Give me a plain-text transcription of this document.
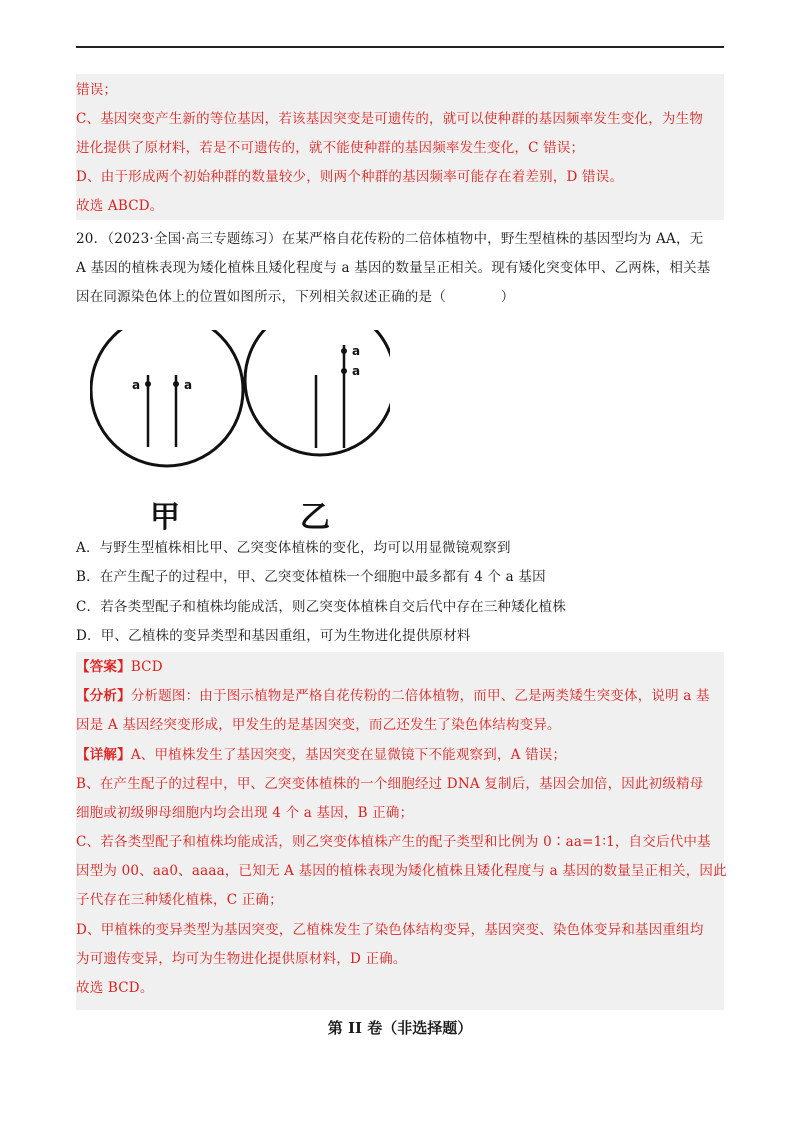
错误；
C、基因突变产生新的等位基因，若该基因突变是可遗传的，就可以使种群的基因频率发生变化，为生物
进化提供了原材料，若是不可遗传的，就不能使种群的基因频率发生变化，C 错误；
D、由于形成两个初始种群的数量较少，则两个种群的基因频率可能存在着差别，D 错误。
故选 ABCD。
20．（2023·全国·高三专题练习）在某严格自花传粉的二倍体植物中，野生型植株的基因型均为 AA，无
A 基因的植株表现为矮化植株且矮化程度与 a 基因的数量呈正相关。现有矮化突变体甲、乙两株，相关基
因在同源染色体上的位置如图所示，下列相关叙述正确的是（　　　　）
a	a
a
a
甲	乙
A．与野生型植株相比甲、乙突变体植株的变化，均可以用显微镜观察到
B．在产生配子的过程中，甲、乙突变体植株一个细胞中最多都有 4 个 a 基因
C．若各类型配子和植株均能成活，则乙突变体植株自交后代中存在三种矮化植株
D．甲、乙植株的变异类型和基因重组，可为生物进化提供原材料
【答案】BCD
【分析】分析题图：由于图示植物是严格自花传粉的二倍体植物，而甲、乙是两类矮生突变体，说明 a 基
因是 A 基因经突变形成，甲发生的是基因突变，而乙还发生了染色体结构变异。
【详解】A、甲植株发生了基因突变，基因突变在显微镜下不能观察到，A 错误；
B、在产生配子的过程中，甲、乙突变体植株的一个细胞经过 DNA 复制后，基因会加倍，因此初级精母
细胞或初级卵母细胞内均会出现 4 个 a 基因，B 正确；
C、若各类型配子和植株均能成活，则乙突变体植株产生的配子类型和比例为 0∶aa=1∶1，自交后代中基
因型为 00、aa0、aaaa，已知无 A 基因的植株表现为矮化植株且矮化程度与 a 基因的数量呈正相关，因此
子代存在三种矮化植株，C 正确；
D、甲植株的变异类型为基因突变，乙植株发生了染色体结构变异，基因突变、染色体变异和基因重组均
为可遗传变异，均可为生物进化提供原材料，D 正确。
故选 BCD。
第 II 卷（非选择题）
